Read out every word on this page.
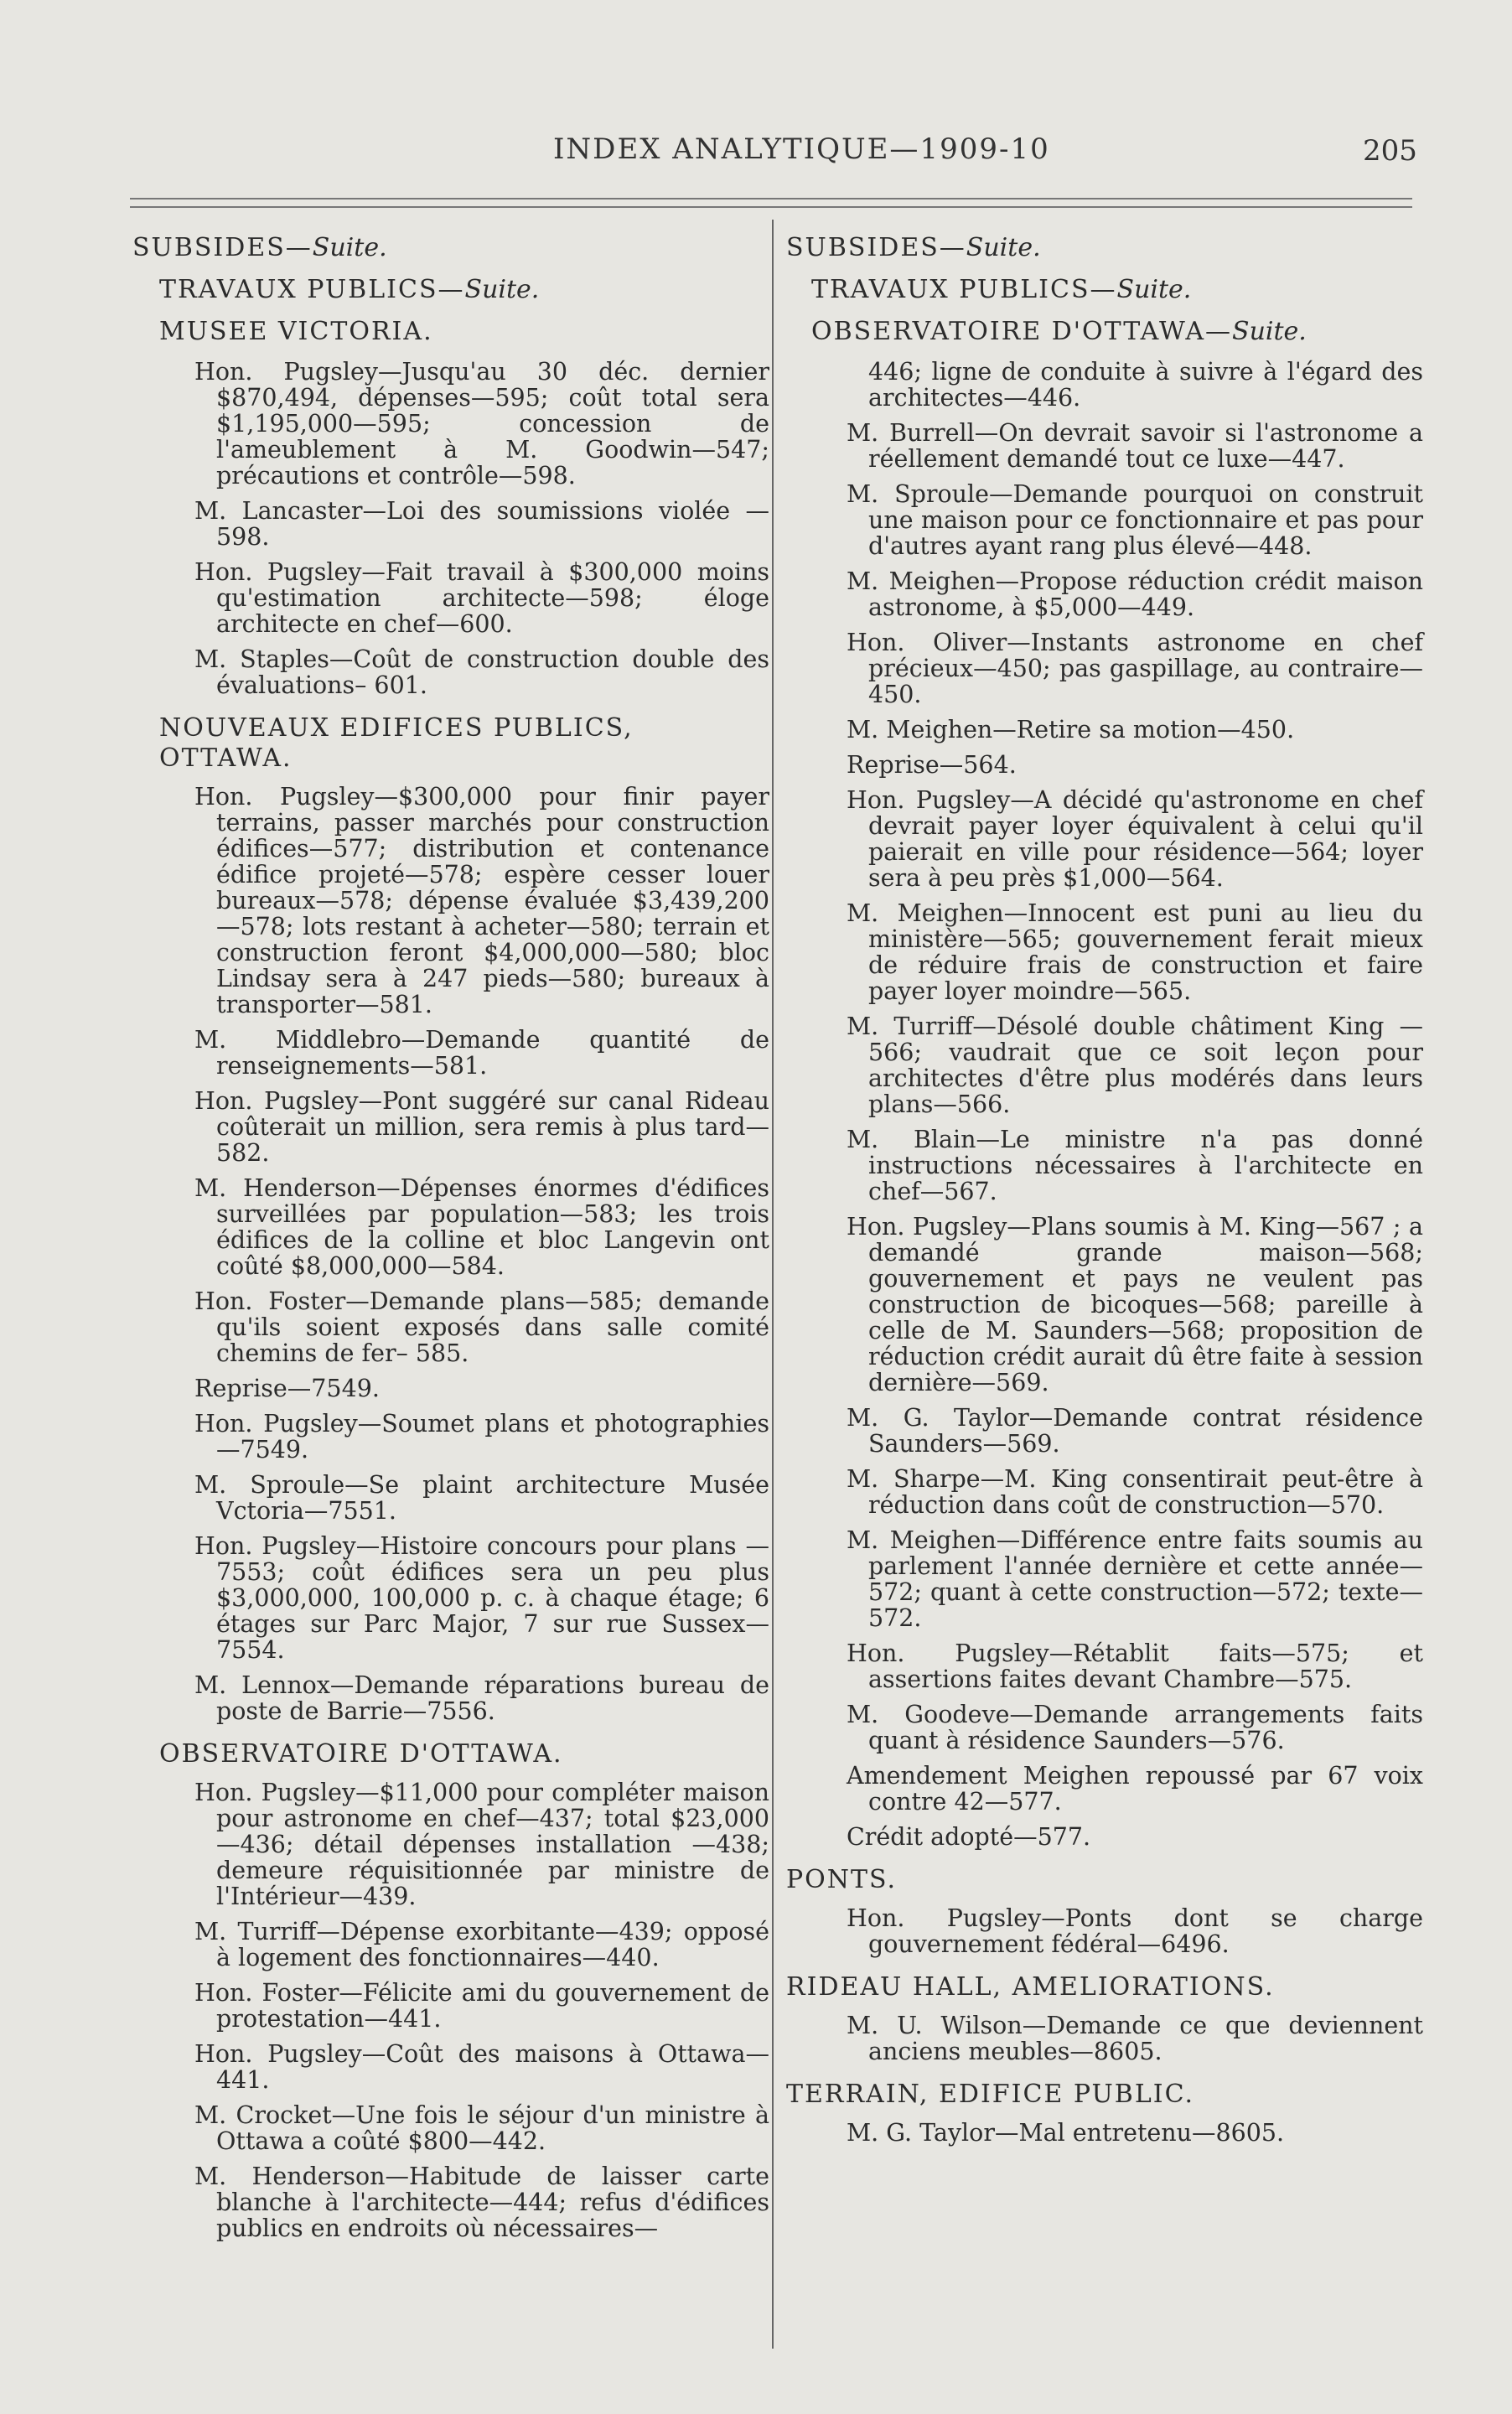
INDEX ANALYTIQUE—1909-10	205
SUBSIDES—Suite.
TRAVAUX PUBLICS—Suite.
MUSEE VICTORIA.

Hon. Pugsley—Jusqu'au 30 déc. dernier $870,494, dépenses—595; coût total sera $1,195,000—595; concession de l'ameublement à M. Goodwin—547; précautions et contrôle—598.

M. Lancaster—Loi des soumissions violée —598.

Hon. Pugsley—Fait travail à $300,000 moins qu'estimation architecte—598; éloge architecte en chef—600.

M. Staples—Coût de construction double des évaluations– 601.

NOUVEAUX EDIFICES PUBLICS, OTTAWA.

Hon. Pugsley—$300,000 pour finir payer terrains, passer marchés pour construction édifices—577; distribution et contenance édifice projeté—578; espère cesser louer bureaux—578; dépense évaluée $3,439,200—578; lots restant à acheter—580; terrain et construction feront $4,000,000—580; bloc Lindsay sera à 247 pieds—580; bureaux à transporter—581.

M. Middlebro—Demande quantité de renseignements—581.

Hon. Pugsley—Pont suggéré sur canal Rideau coûterait un million, sera remis à plus tard—582.

M. Henderson—Dépenses énormes d'édifices surveillées par population—583; les trois édifices de la colline et bloc Langevin ont coûté $8,000,000—584.

Hon. Foster—Demande plans—585; demande qu'ils soient exposés dans salle comité chemins de fer– 585.

Reprise—7549.

Hon. Pugsley—Soumet plans et photographies—7549.

M. Sproule—Se plaint architecture Musée Vctoria—7551.

Hon. Pugsley—Histoire concours pour plans —7553; coût édifices sera un peu plus $3,000,000, 100,000 p. c. à chaque étage; 6 étages sur Parc Major, 7 sur rue Sussex—7554.

M. Lennox—Demande réparations bureau de poste de Barrie—7556.

OBSERVATOIRE D'OTTAWA.

Hon. Pugsley—$11,000 pour compléter maison pour astronome en chef—437; total $23,000—436; détail dépenses installation —438; demeure réquisitionnée par ministre de l'Intérieur—439.

M. Turriff—Dépense exorbitante—439; opposé à logement des fonctionnaires—440.

Hon. Foster—Félicite ami du gouvernement de protestation—441.

Hon. Pugsley—Coût des maisons à Ottawa—441.

M. Crocket—Une fois le séjour d'un ministre à Ottawa a coûté $800—442.

M. Henderson—Habitude de laisser carte blanche à l'architecte—444; refus d'édifices publics en endroits où nécessaires—

SUBSIDES—Suite.
TRAVAUX PUBLICS—Suite.
OBSERVATOIRE D'OTTAWA—Suite.

446; ligne de conduite à suivre à l'égard des architectes—446.

M. Burrell—On devrait savoir si l'astronome a réellement demandé tout ce luxe—447.

M. Sproule—Demande pourquoi on construit une maison pour ce fonctionnaire et pas pour d'autres ayant rang plus élevé—448.

M. Meighen—Propose réduction crédit maison astronome, à $5,000—449.

Hon. Oliver—Instants astronome en chef précieux—450; pas gaspillage, au contraire—450.

M. Meighen—Retire sa motion—450.

Reprise—564.

Hon. Pugsley—A décidé qu'astronome en chef devrait payer loyer équivalent à celui qu'il paierait en ville pour résidence—564; loyer sera à peu près $1,000—564.

M. Meighen—Innocent est puni au lieu du ministère—565; gouvernement ferait mieux de réduire frais de construction et faire payer loyer moindre—565.

M. Turriff—Désolé double châtiment King —566; vaudrait que ce soit leçon pour architectes d'être plus modérés dans leurs plans—566.

M. Blain—Le ministre n'a pas donné instructions nécessaires à l'architecte en chef—567.

Hon. Pugsley—Plans soumis à M. King—567 ; a demandé grande maison—568; gouvernement et pays ne veulent pas construction de bicoques—568; pareille à celle de M. Saunders—568; proposition de réduction crédit aurait dû être faite à session dernière—569.

M. G. Taylor—Demande contrat résidence Saunders—569.

M. Sharpe—M. King consentirait peut-être à réduction dans coût de construction—570.

M. Meighen—Différence entre faits soumis au parlement l'année dernière et cette année—572; quant à cette construction—572; texte—572.

Hon. Pugsley—Rétablit faits—575; et assertions faites devant Chambre—575.

M. Goodeve—Demande arrangements faits quant à résidence Saunders—576.

Amendement Meighen repoussé par 67 voix contre 42—577.

Crédit adopté—577.

PONTS.

Hon. Pugsley—Ponts dont se charge gouvernement fédéral—6496.

RIDEAU HALL, AMELIORATIONS.

M. U. Wilson—Demande ce que deviennent anciens meubles—8605.

TERRAIN, EDIFICE PUBLIC.

M. G. Taylor—Mal entretenu—8605.
